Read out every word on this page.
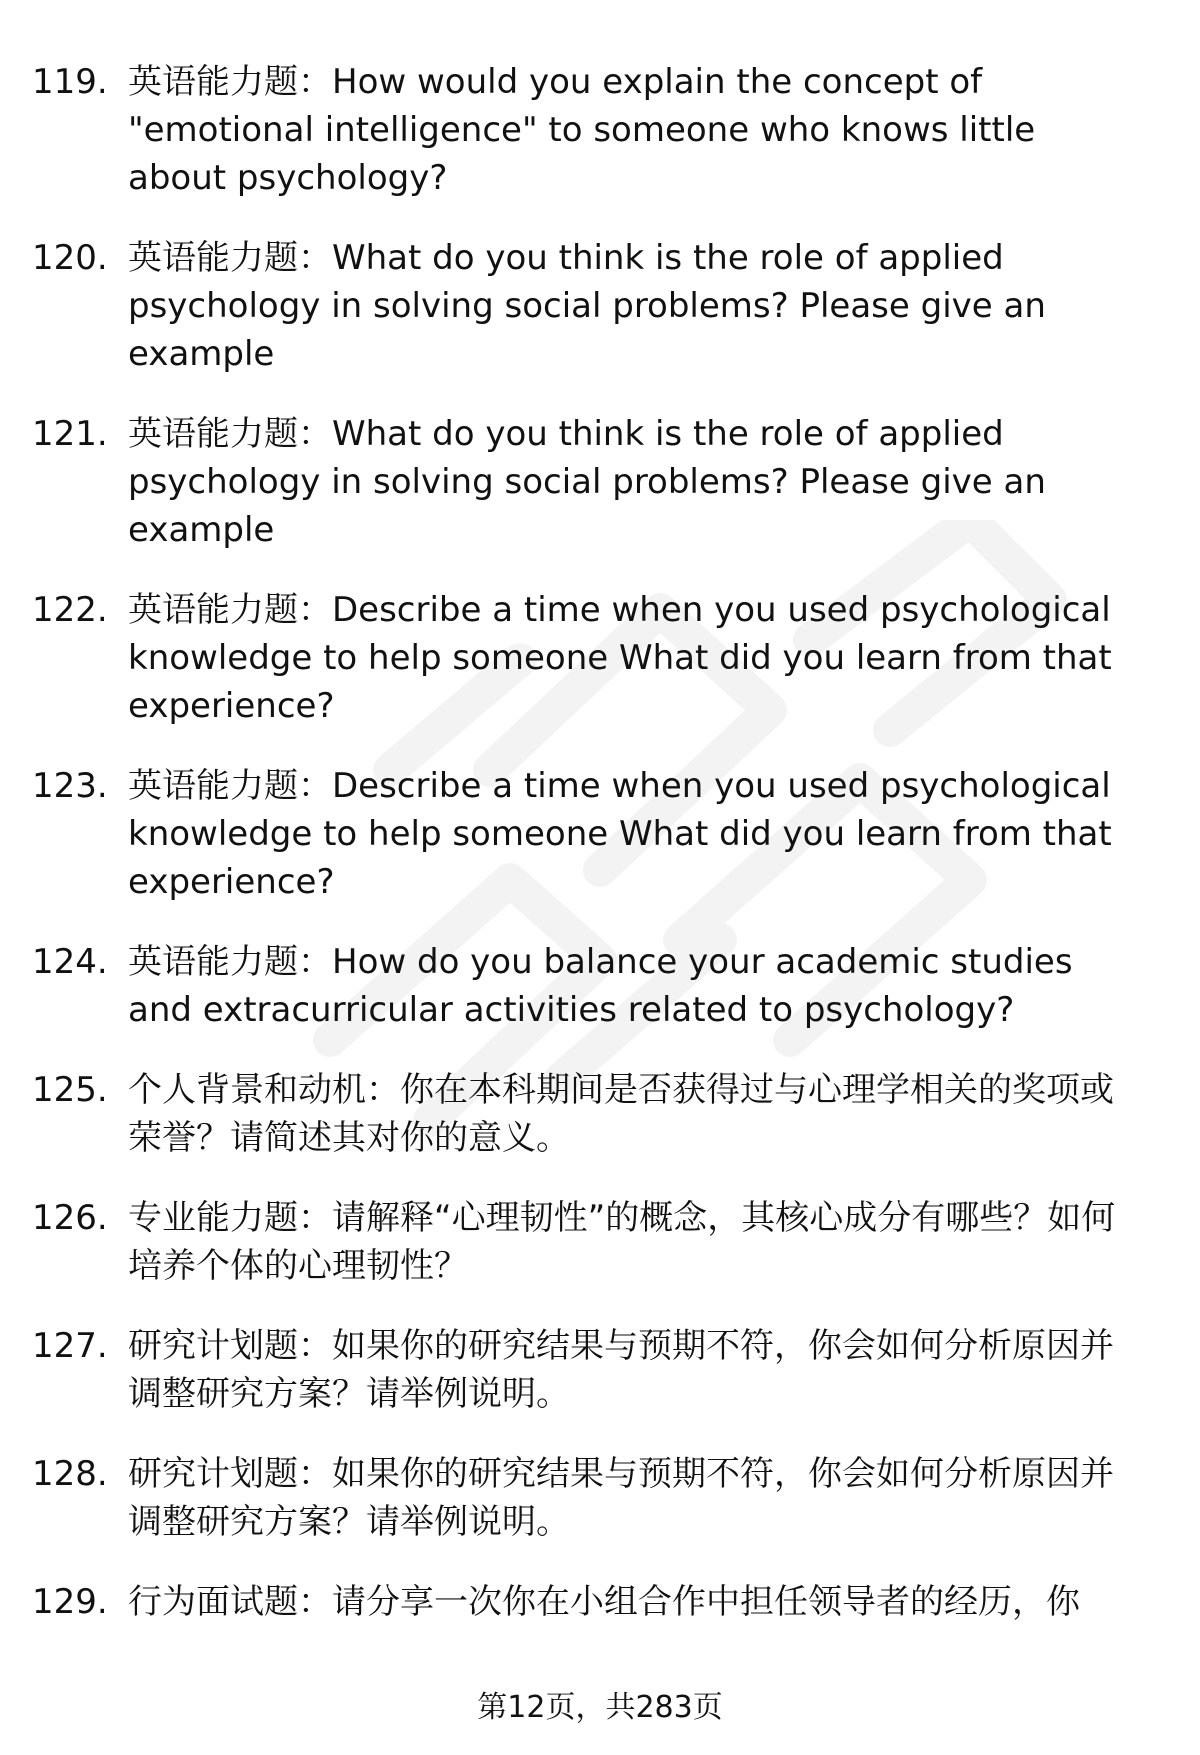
119. 英语能力题：How would you explain the concept of "emotional intelligence" to someone who knows little about psychology?
120. 英语能力题：What do you think is the role of applied psychology in solving social problems? Please give an example
121. 英语能力题：What do you think is the role of applied psychology in solving social problems? Please give an example
122. 英语能力题：Describe a time when you used psychological knowledge to help someone What did you learn from that experience?
123. 英语能力题：Describe a time when you used psychological knowledge to help someone What did you learn from that experience?
124. 英语能力题：How do you balance your academic studies and extracurricular activities related to psychology?
125. 个人背景和动机：你在本科期间是否获得过与心理学相关的奖项或荣誉？请简述其对你的意义。
126. 专业能力题：请解释“心理韧性”的概念，其核心成分有哪些？如何培养个体的心理韧性？
127. 研究计划题：如果你的研究结果与预期不符，你会如何分析原因并调整研究方案？请举例说明。
128. 研究计划题：如果你的研究结果与预期不符，你会如何分析原因并调整研究方案？请举例说明。
129. 行为面试题：请分享一次你在小组合作中担任领导者的经历，你
第12页，共283页
